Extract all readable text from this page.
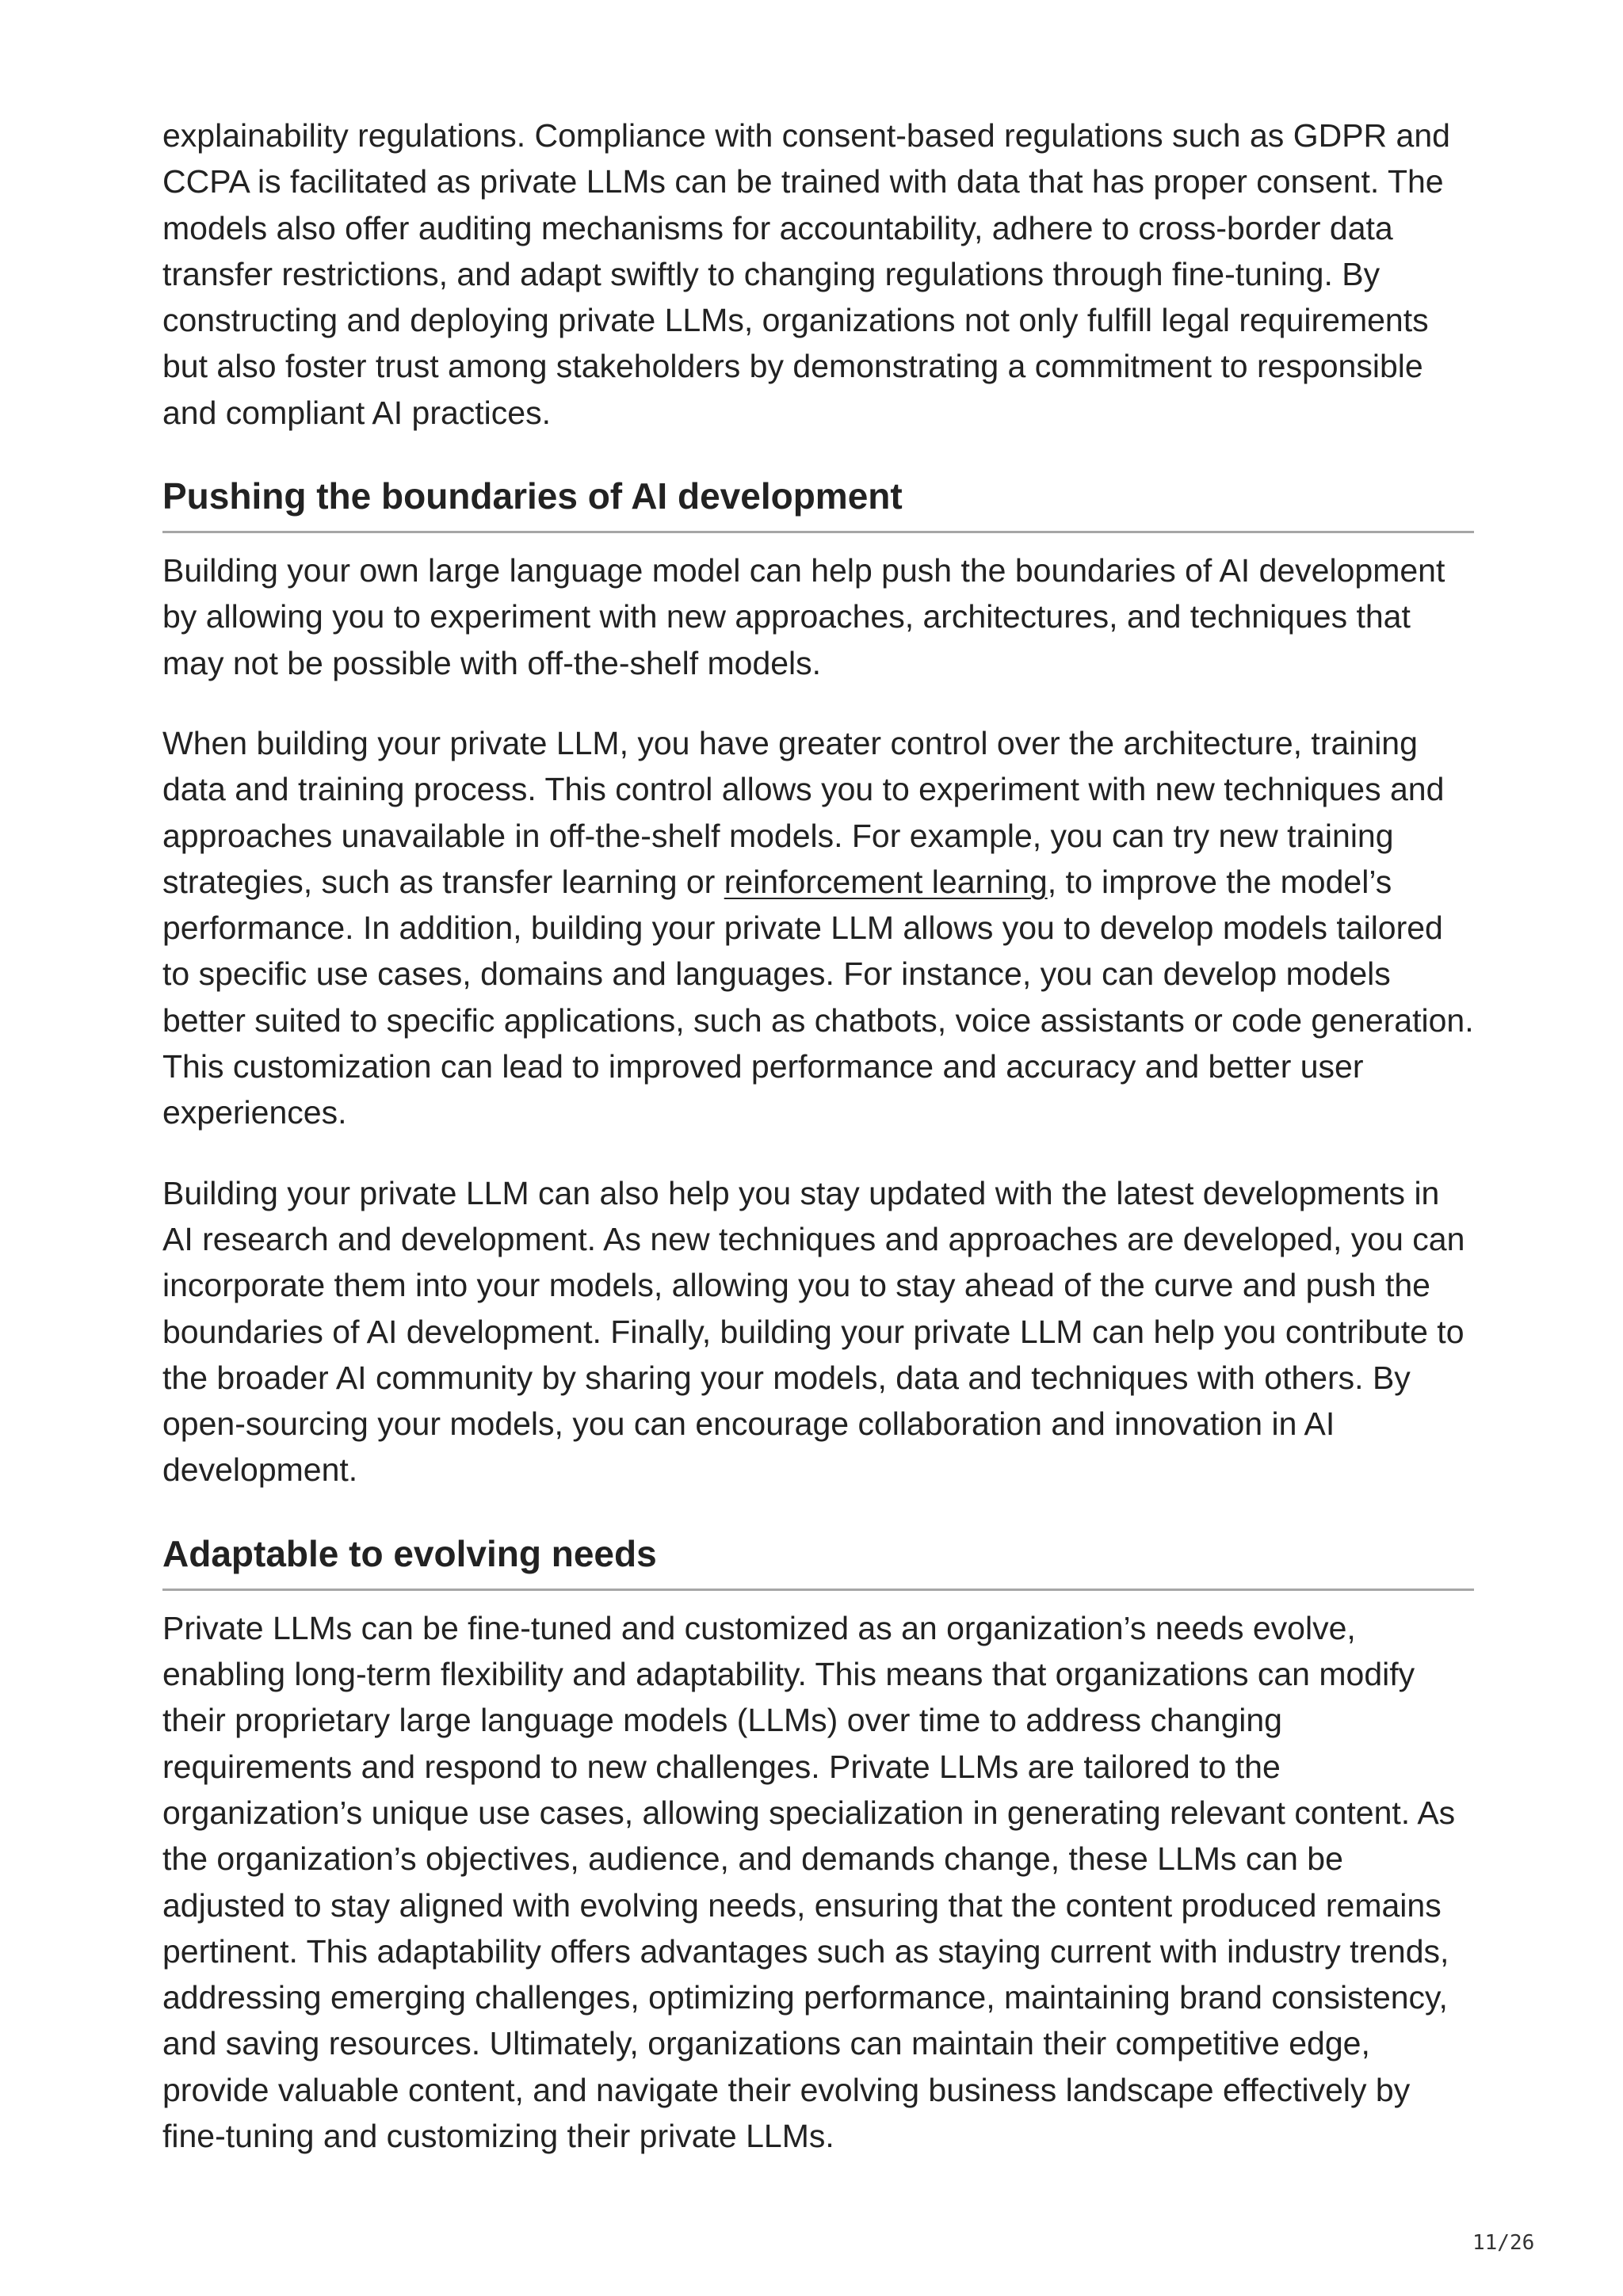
explainability regulations. Compliance with consent-based regulations such as GDPR and CCPA is facilitated as private LLMs can be trained with data that has proper consent. The models also offer auditing mechanisms for accountability, adhere to cross-border data transfer restrictions, and adapt swiftly to changing regulations through fine-tuning. By constructing and deploying private LLMs, organizations not only fulfill legal requirements but also foster trust among stakeholders by demonstrating a commitment to responsible and compliant AI practices.

Pushing the boundaries of AI development

Building your own large language model can help push the boundaries of AI development by allowing you to experiment with new approaches, architectures, and techniques that may not be possible with off-the-shelf models.

When building your private LLM, you have greater control over the architecture, training data and training process. This control allows you to experiment with new techniques and approaches unavailable in off-the-shelf models. For example, you can try new training strategies, such as transfer learning or reinforcement learning, to improve the model’s performance. In addition, building your private LLM allows you to develop models tailored to specific use cases, domains and languages. For instance, you can develop models better suited to specific applications, such as chatbots, voice assistants or code generation. This customization can lead to improved performance and accuracy and better user experiences.

Building your private LLM can also help you stay updated with the latest developments in AI research and development. As new techniques and approaches are developed, you can incorporate them into your models, allowing you to stay ahead of the curve and push the boundaries of AI development. Finally, building your private LLM can help you contribute to the broader AI community by sharing your models, data and techniques with others. By open-sourcing your models, you can encourage collaboration and innovation in AI development.

Adaptable to evolving needs

Private LLMs can be fine-tuned and customized as an organization’s needs evolve, enabling long-term flexibility and adaptability. This means that organizations can modify their proprietary large language models (LLMs) over time to address changing requirements and respond to new challenges. Private LLMs are tailored to the organization’s unique use cases, allowing specialization in generating relevant content. As the organization’s objectives, audience, and demands change, these LLMs can be adjusted to stay aligned with evolving needs, ensuring that the content produced remains pertinent. This adaptability offers advantages such as staying current with industry trends, addressing emerging challenges, optimizing performance, maintaining brand consistency, and saving resources. Ultimately, organizations can maintain their competitive edge, provide valuable content, and navigate their evolving business landscape effectively by fine-tuning and customizing their private LLMs.

11/26
